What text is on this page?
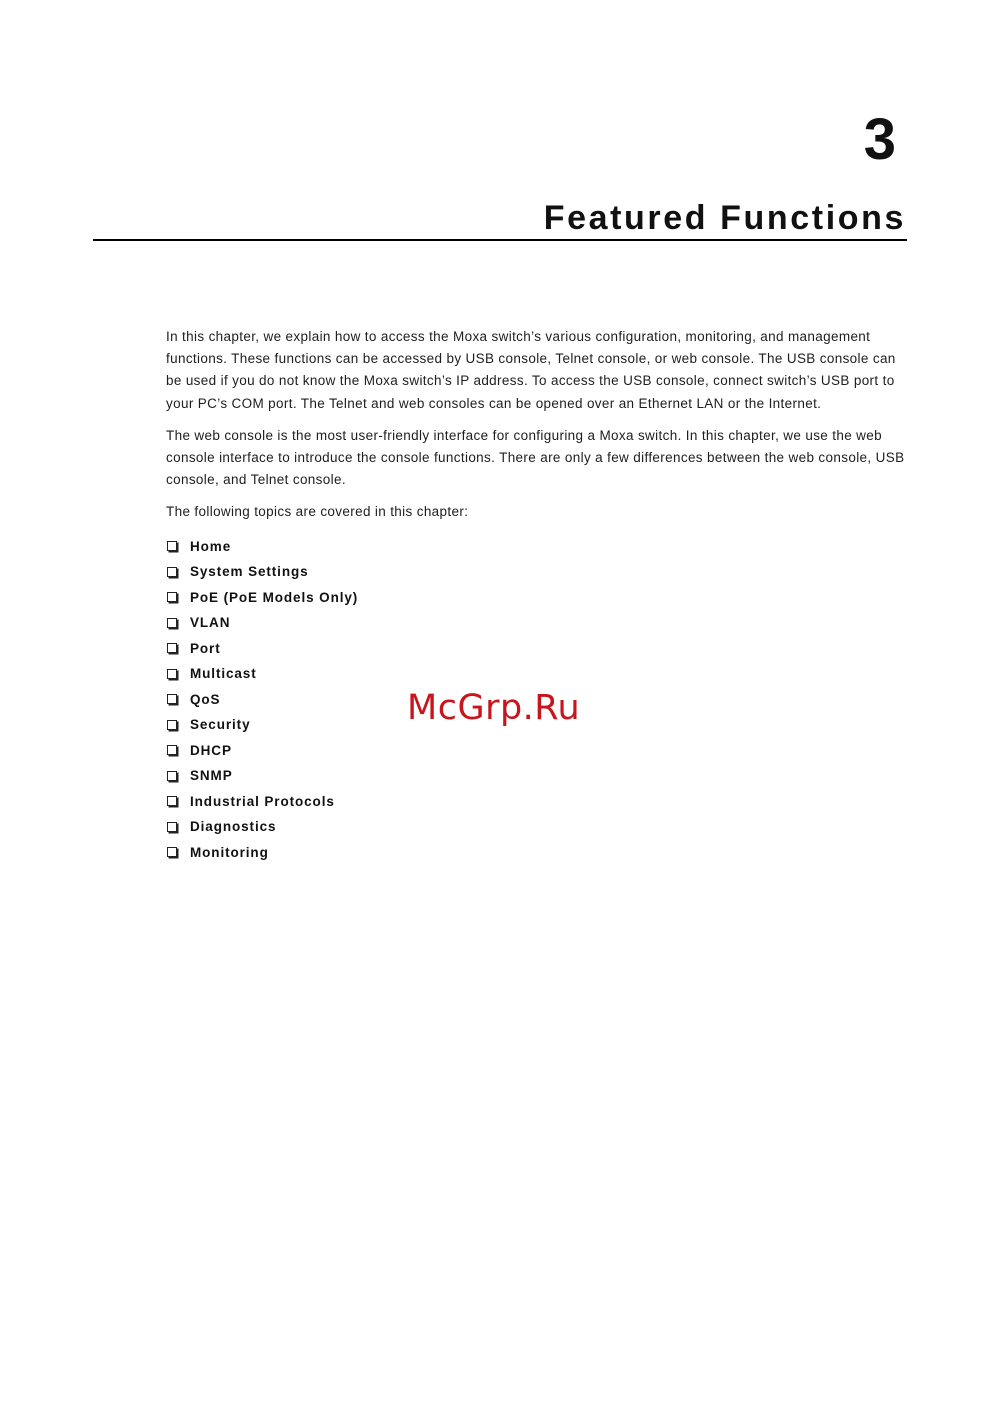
3
Featured Functions

In this chapter, we explain how to access the Moxa switch’s various configuration, monitoring, and management functions. These functions can be accessed by USB console, Telnet console, or web console. The USB console can be used if you do not know the Moxa switch’s IP address. To access the USB console, connect switch’s USB port to your PC’s COM port. The Telnet and web consoles can be opened over an Ethernet LAN or the Internet.

The web console is the most user-friendly interface for configuring a Moxa switch. In this chapter, we use the web console interface to introduce the console functions. There are only a few differences between the web console, USB console, and Telnet console.

The following topics are covered in this chapter:

Home
System Settings
PoE (PoE Models Only)
VLAN
Port
Multicast
QoS
Security
DHCP
SNMP
Industrial Protocols
Diagnostics
Monitoring
McGrp.Ru
